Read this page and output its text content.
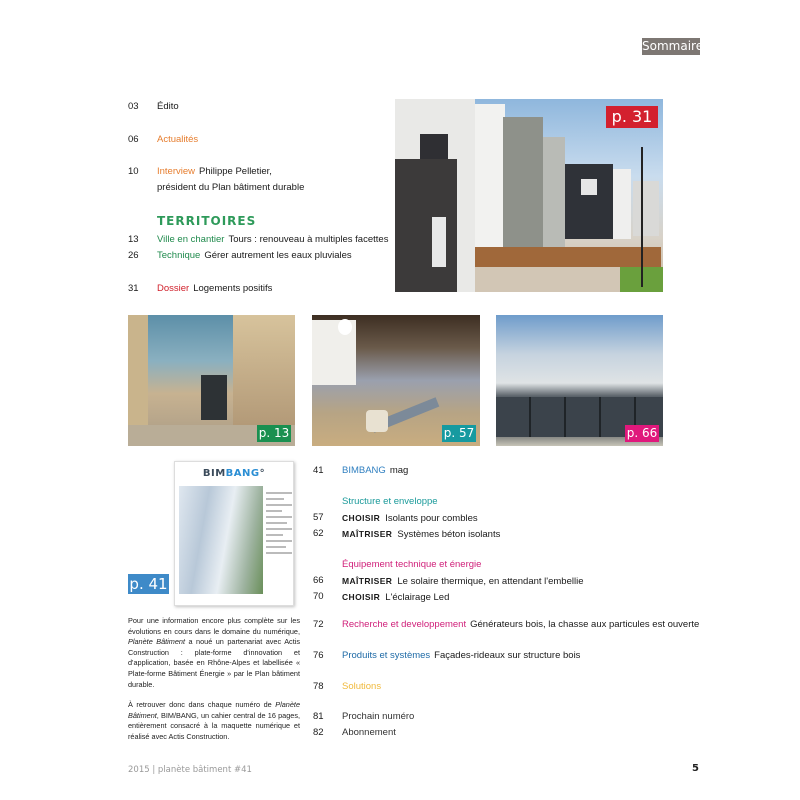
Sommaire
03	Édito
06	Actualités
10	Interview Philippe Pelletier,
président du Plan bâtiment durable
TERRITOIRES
13	Ville en chantier Tours : renouveau à multiples facettes
26	Technique Gérer autrement les eaux pluviales
31	Dossier Logements positifs
p. 31
p. 13	p. 57	p. 66
BIMBANG°
p. 41

Pour une information encore plus complète sur les évolutions en cours dans le domaine du numérique, Planète Bâtiment a noué un partenariat avec Actis Construction : plate-forme d'innovation et d'application, basée en Rhône-Alpes et labellisée « Plate-forme Bâtiment Énergie » par le Plan bâtiment durable.

À retrouver donc dans chaque numéro de Planète Bâtiment, BIM/BANG, un cahier central de 16 pages, entièrement consacré à la maquette numérique et réalisé avec Actis Construction.

41	BIMBANG mag
Structure et enveloppe
57	CHOISIR Isolants pour combles
62	MAÎTRISER Systèmes béton isolants
Équipement technique et énergie
66	MAÎTRISER Le solaire thermique, en attendant l'embellie
70	CHOISIR L'éclairage Led
72	Recherche et developpement Générateurs bois, la chasse aux particules est ouverte
76	Produits et systèmes Façades-rideaux sur structure bois
78	Solutions
81	Prochain numéro
82	Abonnement
2015 | planète bâtiment #41	5
